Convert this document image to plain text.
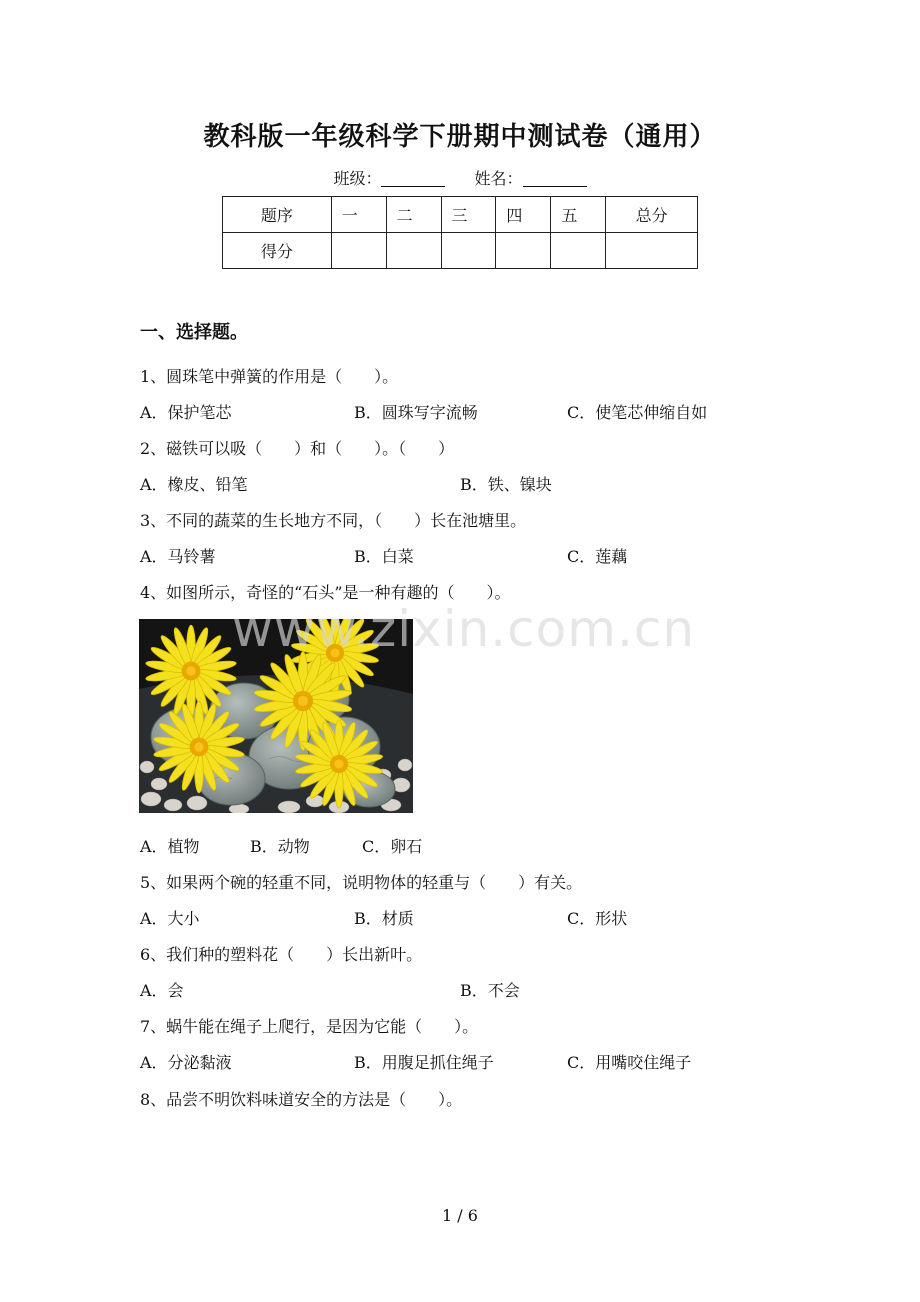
教科版一年级科学下册期中测试卷（通用）
班级：	姓名：
题序	一	二	三	四	五	总分
得分						
一、选择题。
1、圆珠笔中弹簧的作用是（　　）。
A．保护笔芯	B．圆珠写字流畅	C．使笔芯伸缩自如
2、磁铁可以吸（　　）和（　　）。（　　）
A．橡皮、铅笔	B．铁、镍块
3、不同的蔬菜的生长地方不同，（　　）长在池塘里。
A．马铃薯	B．白菜	C．莲藕
4、如图所示，奇怪的“石头”是一种有趣的（　　）。
www.zixin.com.cn
A．植物	B．动物	C．卵石
5、如果两个碗的轻重不同，说明物体的轻重与（　　）有关。
A．大小	B．材质	C．形状
6、我们种的塑料花（　　）长出新叶。
A．会	B．不会
7、蜗牛能在绳子上爬行，是因为它能（　　）。
A．分泌黏液	B．用腹足抓住绳子	C．用嘴咬住绳子
8、品尝不明饮料味道安全的方法是（　　）。
1 / 6
